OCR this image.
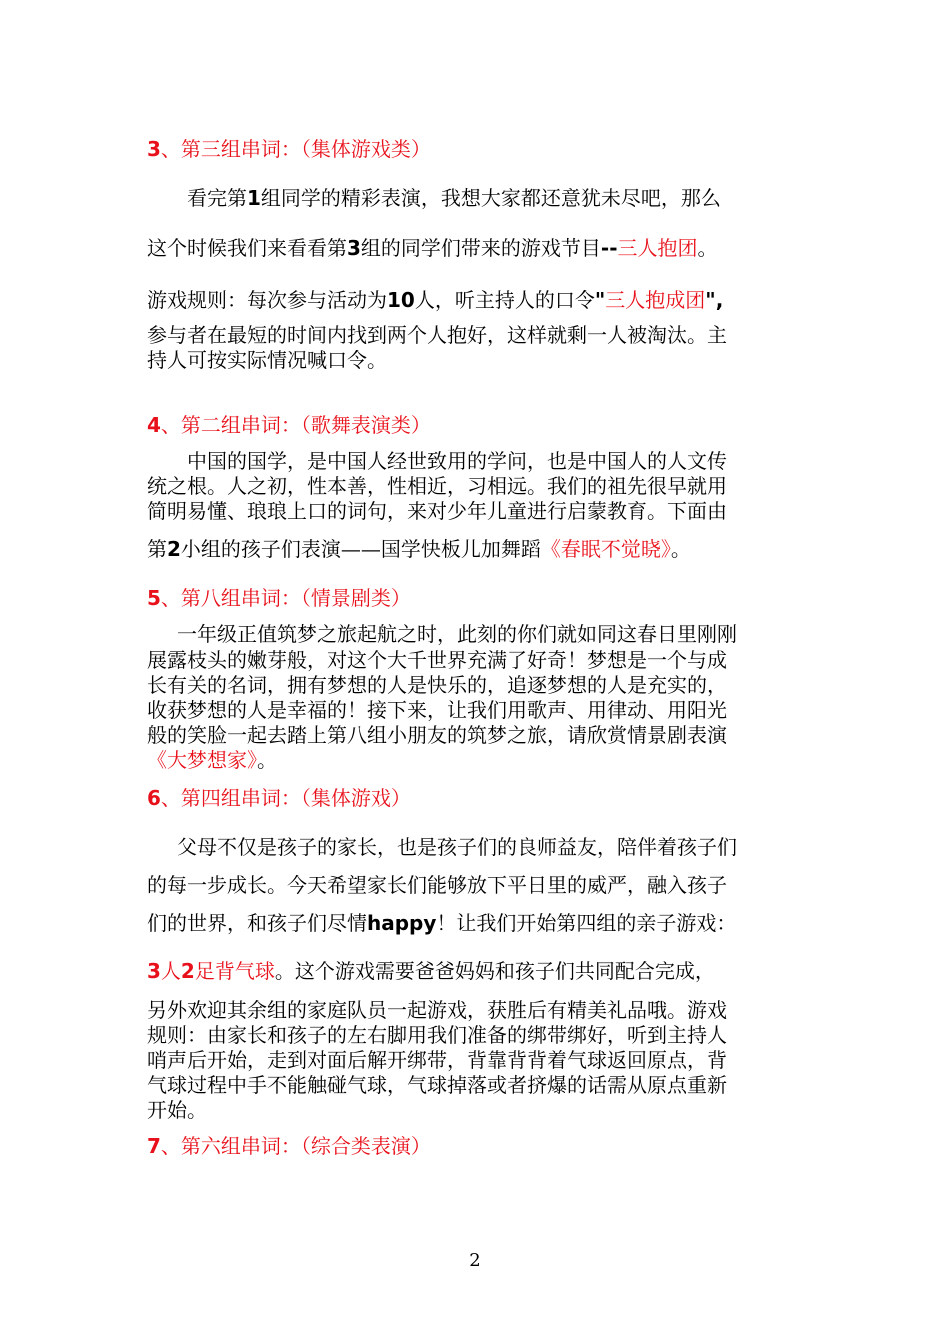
3、第三组串词：（集体游戏类）
看完第1组同学的精彩表演，我想大家都还意犹未尽吧，那么
这个时候我们来看看第3组的同学们带来的游戏节目--三人抱团。
游戏规则：每次参与活动为10人，听主持人的口令"三人抱成团",
参与者在最短的时间内找到两个人抱好，这样就剩一人被淘汰。主
持人可按实际情况喊口令。
4、第二组串词：（歌舞表演类）
中国的国学，是中国人经世致用的学问，也是中国人的人文传
统之根。人之初，性本善，性相近，习相远。我们的祖先很早就用
简明易懂、琅琅上口的词句，来对少年儿童进行启蒙教育。下面由
第2小组的孩子们表演——国学快板儿加舞蹈《春眠不觉晓》。
5、第八组串词：（情景剧类）
一年级正值筑梦之旅起航之时，此刻的你们就如同这春日里刚刚
展露枝头的嫩芽般，对这个大千世界充满了好奇！梦想是一个与成
长有关的名词，拥有梦想的人是快乐的，追逐梦想的人是充实的，
收获梦想的人是幸福的！接下来，让我们用歌声、用律动、用阳光
般的笑脸一起去踏上第八组小朋友的筑梦之旅，请欣赏情景剧表演
《大梦想家》。
6、第四组串词：（集体游戏）
父母不仅是孩子的家长，也是孩子们的良师益友，陪伴着孩子们
的每一步成长。今天希望家长们能够放下平日里的威严，融入孩子
们的世界，和孩子们尽情happy！让我们开始第四组的亲子游戏：
3人2足背气球。这个游戏需要爸爸妈妈和孩子们共同配合完成，
另外欢迎其余组的家庭队员一起游戏，获胜后有精美礼品哦。游戏
规则：由家长和孩子的左右脚用我们准备的绑带绑好，听到主持人
哨声后开始，走到对面后解开绑带，背靠背背着气球返回原点，背
气球过程中手不能触碰气球，气球掉落或者挤爆的话需从原点重新
开始。
7、第六组串词：（综合类表演）
2
